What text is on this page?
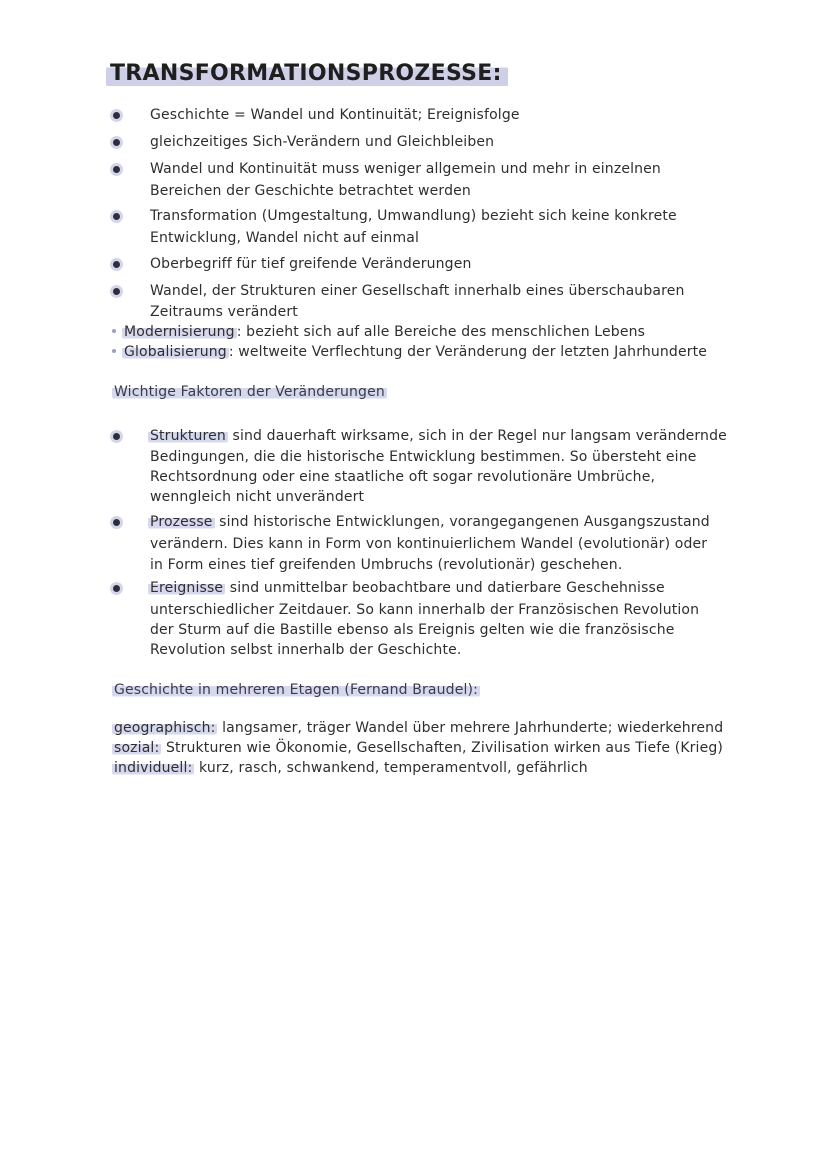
TRANSFORMATIONSPROZESSE:
Geschichte = Wandel und Kontinuität; Ereignisfolge
gleichzeitiges Sich-Verändern und Gleichbleiben
Wandel und Kontinuität muss weniger allgemein und mehr in einzelnen
Bereichen der Geschichte betrachtet werden
Transformation (Umgestaltung, Umwandlung) bezieht sich keine konkrete
Entwicklung, Wandel nicht auf einmal
Oberbegriff für tief greifende Veränderungen
Wandel, der Strukturen einer Gesellschaft innerhalb eines überschaubaren
Zeitraums verändert
Modernisierung : bezieht sich auf alle Bereiche des menschlichen Lebens
Globalisierung : weltweite Verflechtung der Veränderung der letzten Jahrhunderte
Wichtige Faktoren der Veränderungen
Strukturen sind dauerhaft wirksame, sich in der Regel nur langsam verändernde
Bedingungen, die die historische Entwicklung bestimmen. So übersteht eine
Rechtsordnung oder eine staatliche oft sogar revolutionäre Umbrüche,
wenngleich nicht unverändert
Prozesse sind historische Entwicklungen, vorangegangenen Ausgangszustand
verändern. Dies kann in Form von kontinuierlichem Wandel (evolutionär) oder
in Form eines tief greifenden Umbruchs (revolutionär) geschehen.
Ereignisse sind unmittelbar beobachtbare und datierbare Geschehnisse
unterschiedlicher Zeitdauer. So kann innerhalb der Französischen Revolution
der Sturm auf die Bastille ebenso als Ereignis gelten wie die französische
Revolution selbst innerhalb der Geschichte.
Geschichte in mehreren Etagen (Fernand Braudel):
geographisch: langsamer, träger Wandel über mehrere Jahrhunderte; wiederkehrend
sozial: Strukturen wie Ökonomie, Gesellschaften, Zivilisation wirken aus Tiefe (Krieg)
individuell: kurz, rasch, schwankend, temperamentvoll, gefährlich
